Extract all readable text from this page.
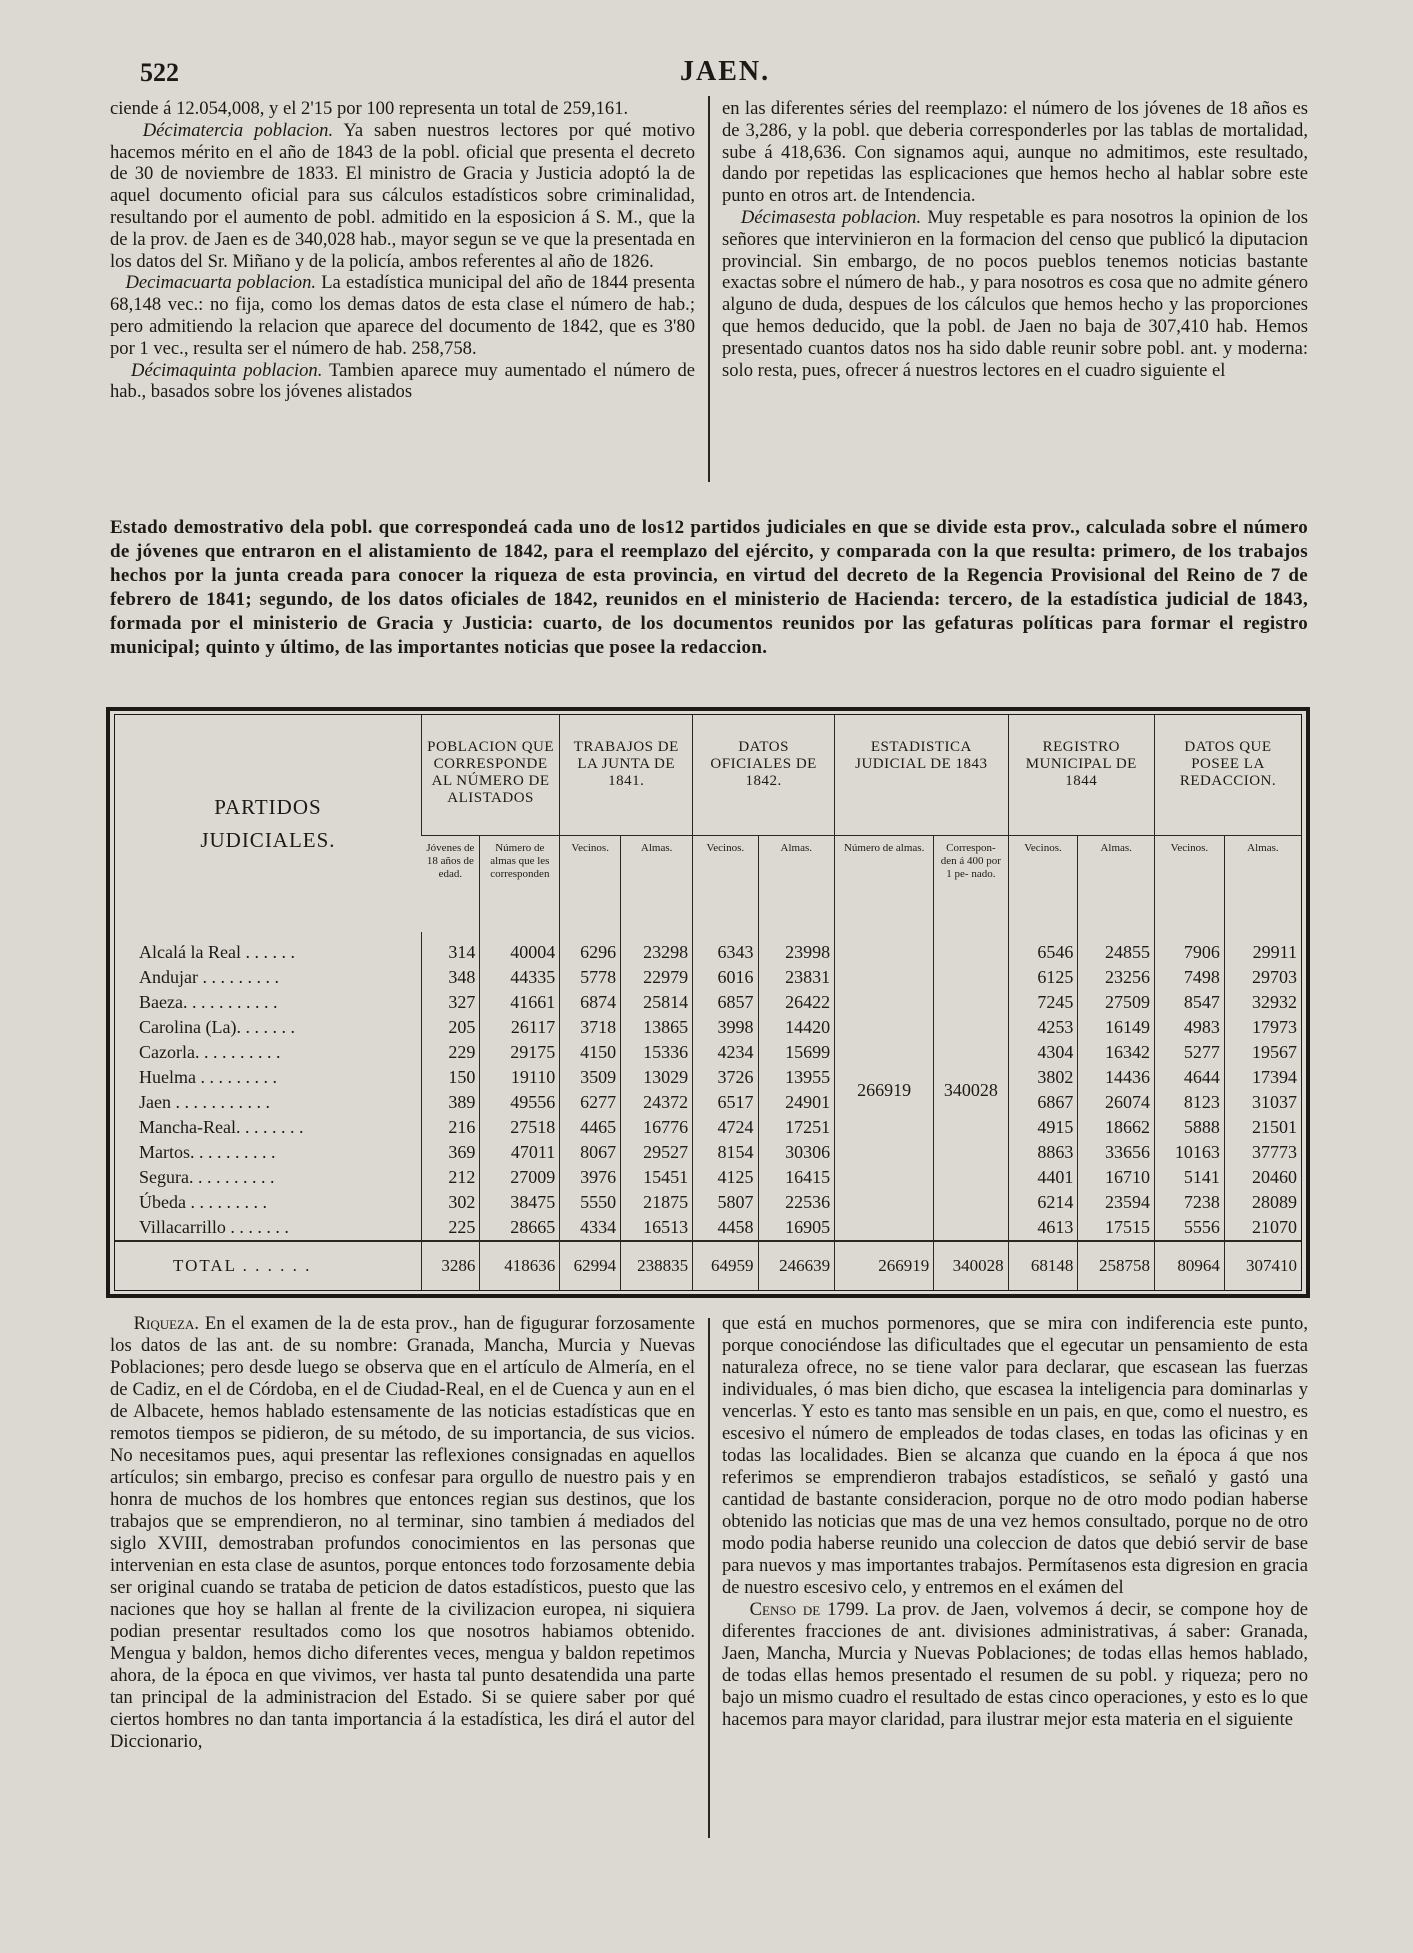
522	JAEN.

ciende á 12.054,008, y el 2'15 por 100 representa un total de 259,161.

Décimatercia poblacion. Ya saben nuestros lectores por qué motivo hacemos mérito en el año de 1843 de la pobl. oficial que presenta el decreto de 30 de noviembre de 1833. El ministro de Gracia y Justicia adoptó la de aquel documento oficial para sus cálculos estadísticos sobre criminalidad, resultando por el aumento de pobl. admitido en la esposicion á S. M., que la de la prov. de Jaen es de 340,028 hab., mayor segun se ve que la presentada en los datos del Sr. Miñano y de la policía, ambos referentes al año de 1826.

Decimacuarta poblacion. La estadística municipal del año de 1844 presenta 68,148 vec.: no fija, como los demas datos de esta clase el número de hab.; pero admitiendo la relacion que aparece del documento de 1842, que es 3'80 por 1 vec., resulta ser el número de hab. 258,758.

Décimaquinta poblacion. Tambien aparece muy aumentado el número de hab., basados sobre los jóvenes alistados

en las diferentes séries del reemplazo: el número de los jóvenes de 18 años es de 3,286, y la pobl. que deberia corresponderles por las tablas de mortalidad, sube á 418,636. Con signamos aqui, aunque no admitimos, este resultado, dando por repetidas las esplicaciones que hemos hecho al hablar sobre este punto en otros art. de Intendencia.

Décimasesta poblacion. Muy respetable es para nosotros la opinion de los señores que intervinieron en la formacion del censo que publicó la diputacion provincial. Sin embargo, de no pocos pueblos tenemos noticias bastante exactas sobre el número de hab., y para nosotros es cosa que no admite género alguno de duda, despues de los cálculos que hemos hecho y las proporciones que hemos deducido, que la pobl. de Jaen no baja de 307,410 hab. Hemos presentado cuantos datos nos ha sido dable reunir sobre pobl. ant. y moderna: solo resta, pues, ofrecer á nuestros lectores en el cuadro siguiente el

Estado demostrativo dela pobl. que correspondeá cada uno de los12 partidos judiciales en que se divide esta prov., calculada sobre el número de jóvenes que entraron en el alistamiento de 1842, para el reemplazo del ejército, y comparada con la que resulta: primero, de los trabajos hechos por la junta creada para conocer la riqueza de esta provincia, en virtud del decreto de la Regencia Provisional del Reino de 7 de febrero de 1841; segundo, de los datos oficiales de 1842, reunidos en el ministerio de Hacienda: tercero, de la estadística judicial de 1843, formada por el ministerio de Gracia y Justicia: cuarto, de los documentos reunidos por las gefaturas políticas para formar el registro municipal; quinto y último, de las importantes noticias que posee la redaccion.
PARTIDOS
JUDICIALES.	POBLACION QUE CORRESPONDE AL NÚMERO DE ALISTADOS		TRABAJOS DE LA JUNTA DE 1841.		DATOS OFICIALES DE 1842.		ESTADISTICA JUDICIAL DE 1843		REGISTRO MUNICIPAL DE 1844		DATOS QUE POSEE LA REDACCION.	
	Jóvenes de 18 años de edad.	Número de almas que les corresponden	Vecinos.	Almas.	Vecinos.	Almas.	Número de almas.	Correspon- den á 400 por 1 pe- nado.	Vecinos.	Almas.	Vecinos.	Almas.
Alcalá la Real . . . . . .	314	40004	6296	23298	6343	23998	266919	340028	6546	24855	7906	29911
Andujar . . . . . . . . .	348	44335	5778	22979	6016	23831			6125	23256	7498	29703
Baeza. . . . . . . . . . .	327	41661	6874	25814	6857	26422			7245	27509	8547	32932
Carolina (La). . . . . . .	205	26117	3718	13865	3998	14420			4253	16149	4983	17973
Cazorla. . . . . . . . . .	229	29175	4150	15336	4234	15699			4304	16342	5277	19567
Huelma . . . . . . . . .	150	19110	3509	13029	3726	13955			3802	14436	4644	17394
Jaen . . . . . . . . . . .	389	49556	6277	24372	6517	24901			6867	26074	8123	31037
Mancha-Real. . . . . . . .	216	27518	4465	16776	4724	17251			4915	18662	5888	21501
Martos. . . . . . . . . .	369	47011	8067	29527	8154	30306			8863	33656	10163	37773
Segura. . . . . . . . . .	212	27009	3976	15451	4125	16415			4401	16710	5141	20460
Úbeda . . . . . . . . .	302	38475	5550	21875	5807	22536			6214	23594	7238	28089
Villacarrillo . . . . . . .	225	28665	4334	16513	4458	16905			4613	17515	5556	21070
TOTAL . . . . . .	3286	418636	62994	238835	64959	246639	266919	340028	68148	258758	80964	307410

Riqueza. En el examen de la de esta prov., han de figugurar forzosamente los datos de las ant. de su nombre: Granada, Mancha, Murcia y Nuevas Poblaciones; pero desde luego se observa que en el artículo de Almería, en el de Cadiz, en el de Córdoba, en el de Ciudad-Real, en el de Cuenca y aun en el de Albacete, hemos hablado estensamente de las noticias estadísticas que en remotos tiempos se pidieron, de su método, de su importancia, de sus vicios. No necesitamos pues, aqui presentar las reflexiones consignadas en aquellos artículos; sin embargo, preciso es confesar para orgullo de nuestro pais y en honra de muchos de los hombres que entonces regian sus destinos, que los trabajos que se emprendieron, no al terminar, sino tambien á mediados del siglo XVIII, demostraban profundos conocimientos en las personas que intervenian en esta clase de asuntos, porque entonces todo forzosamente debia ser original cuando se trataba de peticion de datos estadísticos, puesto que las naciones que hoy se hallan al frente de la civilizacion europea, ni siquiera podian presentar resultados como los que nosotros habiamos obtenido. Mengua y baldon, hemos dicho diferentes veces, mengua y baldon repetimos ahora, de la época en que vivimos, ver hasta tal punto desatendida una parte tan principal de la administracion del Estado. Si se quiere saber por qué ciertos hombres no dan tanta importancia á la estadística, les dirá el autor del Diccionario,

que está en muchos pormenores, que se mira con indiferencia este punto, porque conociéndose las dificultades que el egecutar un pensamiento de esta naturaleza ofrece, no se tiene valor para declarar, que escasean las fuerzas individuales, ó mas bien dicho, que escasea la inteligencia para dominarlas y vencerlas. Y esto es tanto mas sensible en un pais, en que, como el nuestro, es escesivo el número de empleados de todas clases, en todas las oficinas y en todas las localidades. Bien se alcanza que cuando en la época á que nos referimos se emprendieron trabajos estadísticos, se señaló y gastó una cantidad de bastante consideracion, porque no de otro modo podian haberse obtenido las noticias que mas de una vez hemos consultado, porque no de otro modo podia haberse reunido una coleccion de datos que debió servir de base para nuevos y mas importantes trabajos. Permítasenos esta digresion en gracia de nuestro escesivo celo, y entremos en el exámen del

Censo de 1799. La prov. de Jaen, volvemos á decir, se compone hoy de diferentes fracciones de ant. divisiones administrativas, á saber: Granada, Jaen, Mancha, Murcia y Nuevas Poblaciones; de todas ellas hemos hablado, de todas ellas hemos presentado el resumen de su pobl. y riqueza; pero no bajo un mismo cuadro el resultado de estas cinco operaciones, y esto es lo que hacemos para mayor claridad, para ilustrar mejor esta materia en el siguiente
